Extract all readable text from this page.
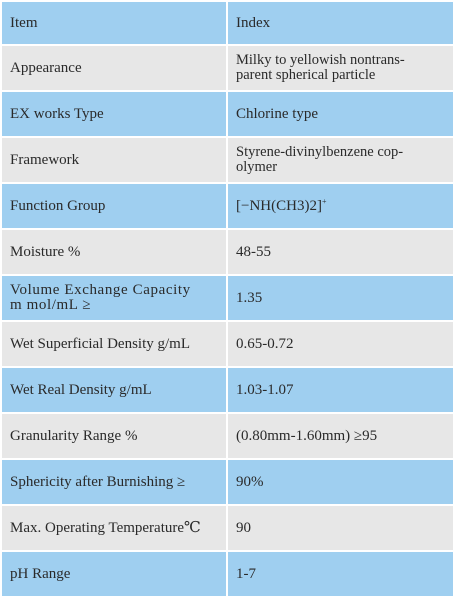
Item	Index
Appearance	Milky to yellowish nontrans-
parent spherical particle
EX works Type	Chlorine type
Framework	Styrene-divinylbenzene cop-
olymer
Function Group	[−NH(CH3)2]+
Moisture %	48-55
Volume Exchange Capacity
m mol/mL ≥	1.35
Wet Superficial Density g/mL	0.65-0.72
Wet Real Density g/mL	1.03-1.07
Granularity Range %	(0.80mm-1.60mm) ≥95
Sphericity after Burnishing ≥	90%
Max. Operating Temperature℃	90
pH Range	1-7
